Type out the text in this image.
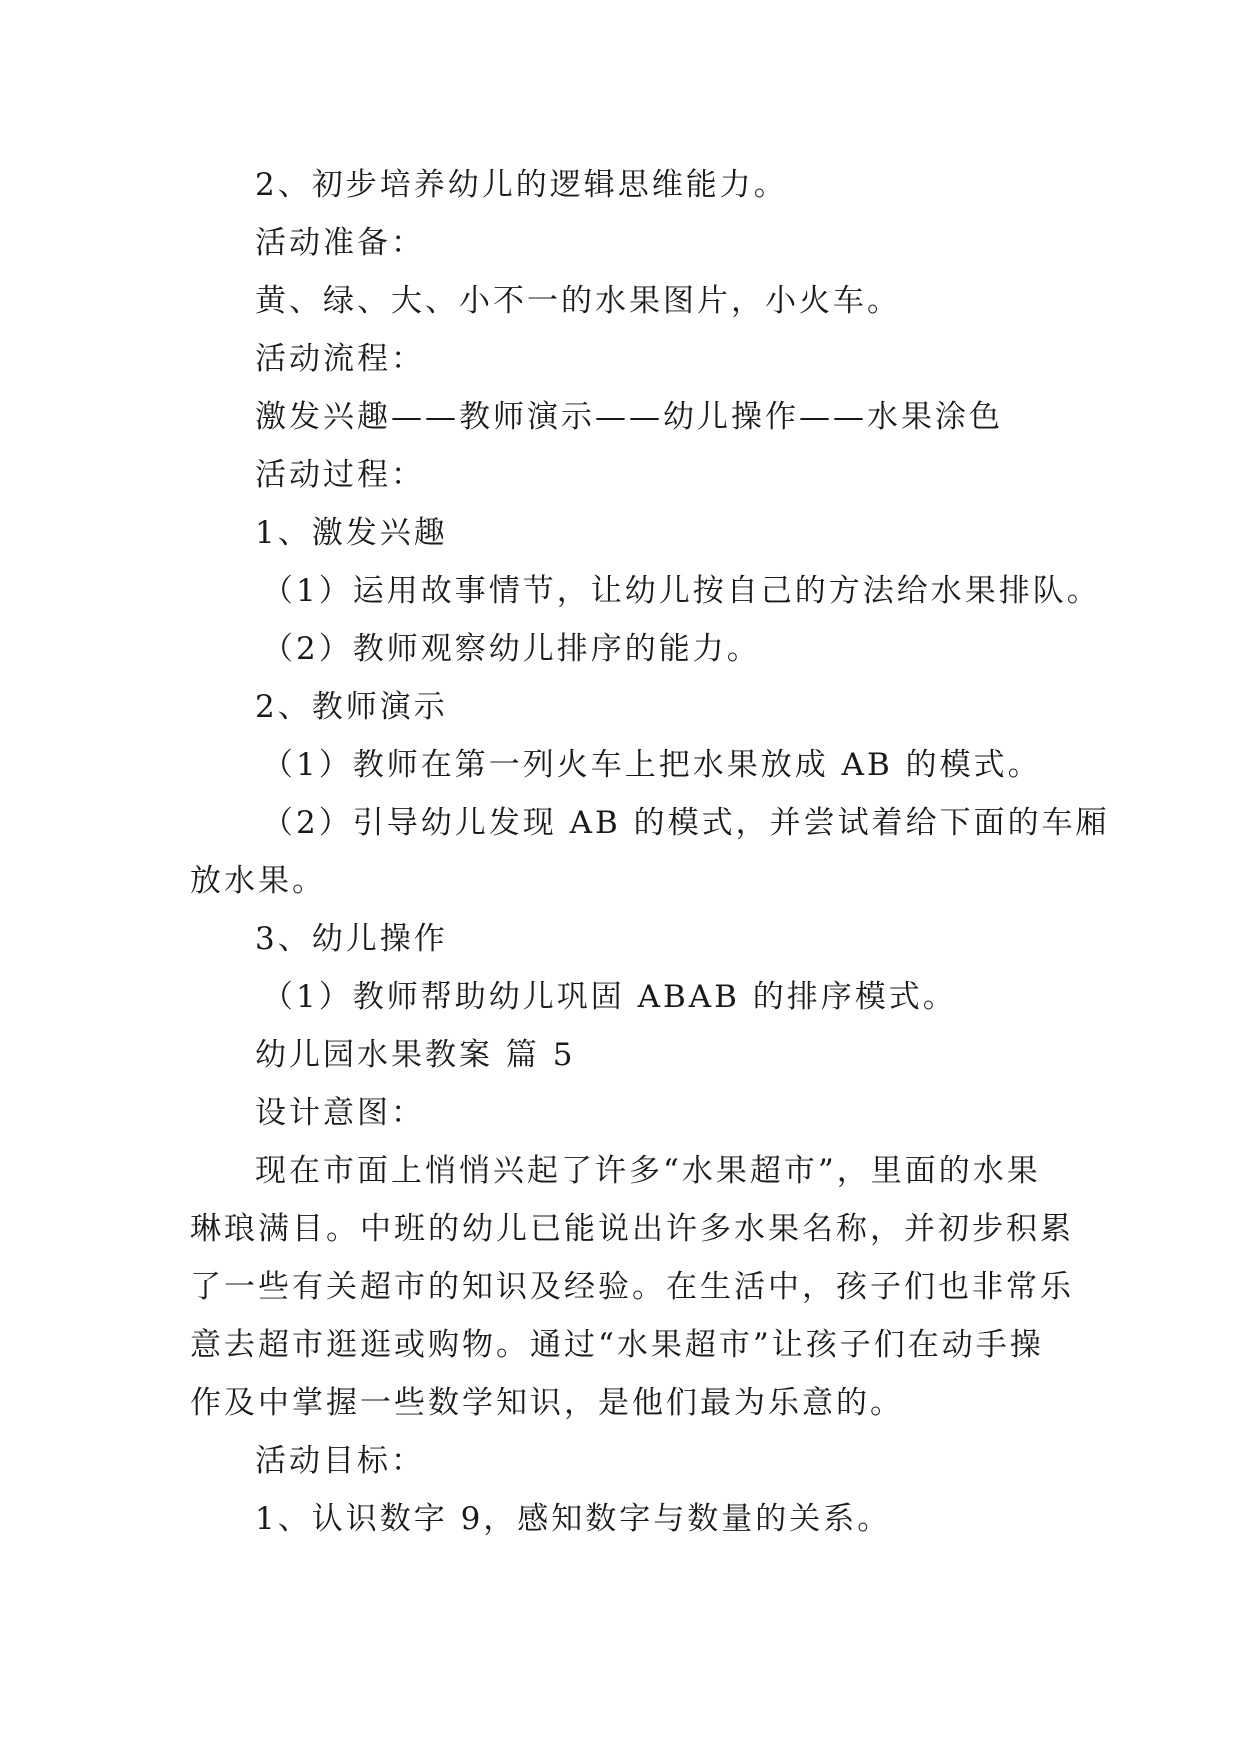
2、初步培养幼儿的逻辑思维能力。
活动准备：
黄、绿、大、小不一的水果图片，小火车。
活动流程：
激发兴趣——教师演示——幼儿操作——水果涂色
活动过程：
1、激发兴趣
（1）运用故事情节，让幼儿按自己的方法给水果排队。
（2）教师观察幼儿排序的能力。
2、教师演示
（1）教师在第一列火车上把水果放成 AB 的模式。
（2）引导幼儿发现 AB 的模式，并尝试着给下面的车厢
放水果。
3、幼儿操作
（1）教师帮助幼儿巩固 ABAB 的排序模式。
幼儿园水果教案 篇 5
设计意图：
现在市面上悄悄兴起了许多“水果超市”，里面的水果
琳琅满目。中班的幼儿已能说出许多水果名称，并初步积累
了一些有关超市的知识及经验。在生活中，孩子们也非常乐
意去超市逛逛或购物。通过“水果超市”让孩子们在动手操
作及中掌握一些数学知识，是他们最为乐意的。
活动目标：
1、认识数字 9，感知数字与数量的关系。
